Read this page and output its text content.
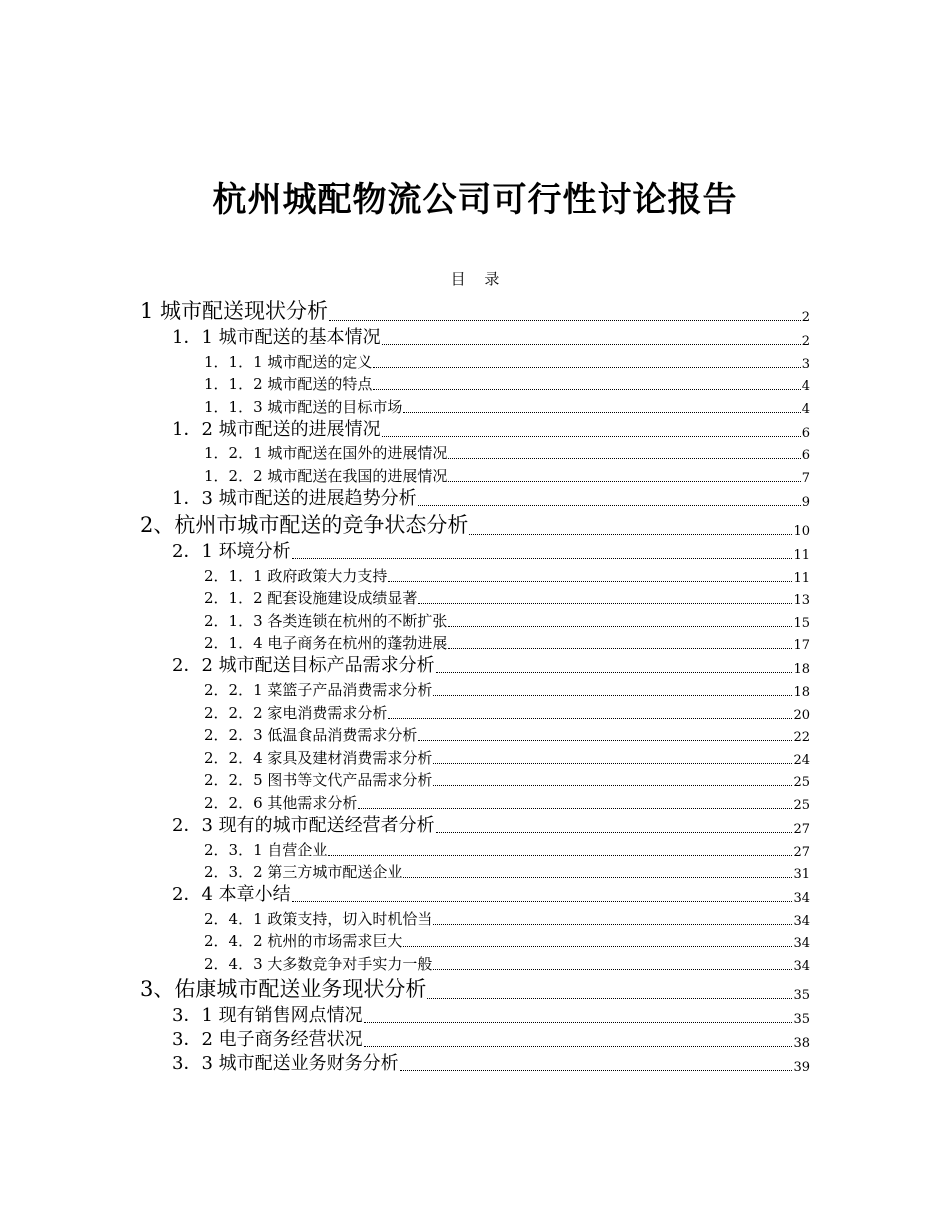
杭州城配物流公司可行性讨论报告
目 录
1 城市配送现状分析	2
1．1 城市配送的基本情况	2
1．1．1 城市配送的定义	3
1．1．2 城市配送的特点	4
1．1．3 城市配送的目标市场	4
1．2 城市配送的进展情况	6
1．2．1 城市配送在国外的进展情况	6
1．2．2 城市配送在我国的进展情况	7
1．3 城市配送的进展趋势分析	9
2、杭州市城市配送的竞争状态分析	10
2．1 环境分析	11
2．1．1 政府政策大力支持	11
2．1．2 配套设施建设成绩显著	13
2．1．3 各类连锁在杭州的不断扩张	15
2．1．4 电子商务在杭州的蓬勃进展	17
2．2 城市配送目标产品需求分析	18
2．2．1 菜篮子产品消费需求分析	18
2．2．2 家电消费需求分析	20
2．2．3 低温食品消费需求分析	22
2．2．4 家具及建材消费需求分析	24
2．2．5 图书等文代产品需求分析	25
2．2．6 其他需求分析	25
2．3 现有的城市配送经营者分析	27
2．3．1 自营企业	27
2．3．2 第三方城市配送企业	31
2．4 本章小结	34
2．4．1 政策支持，切入时机恰当	34
2．4．2 杭州的市场需求巨大	34
2．4．3 大多数竞争对手实力一般	34
3、佑康城市配送业务现状分析	35
3．1 现有销售网点情况	35
3．2 电子商务经营状况	38
3．3 城市配送业务财务分析	39
